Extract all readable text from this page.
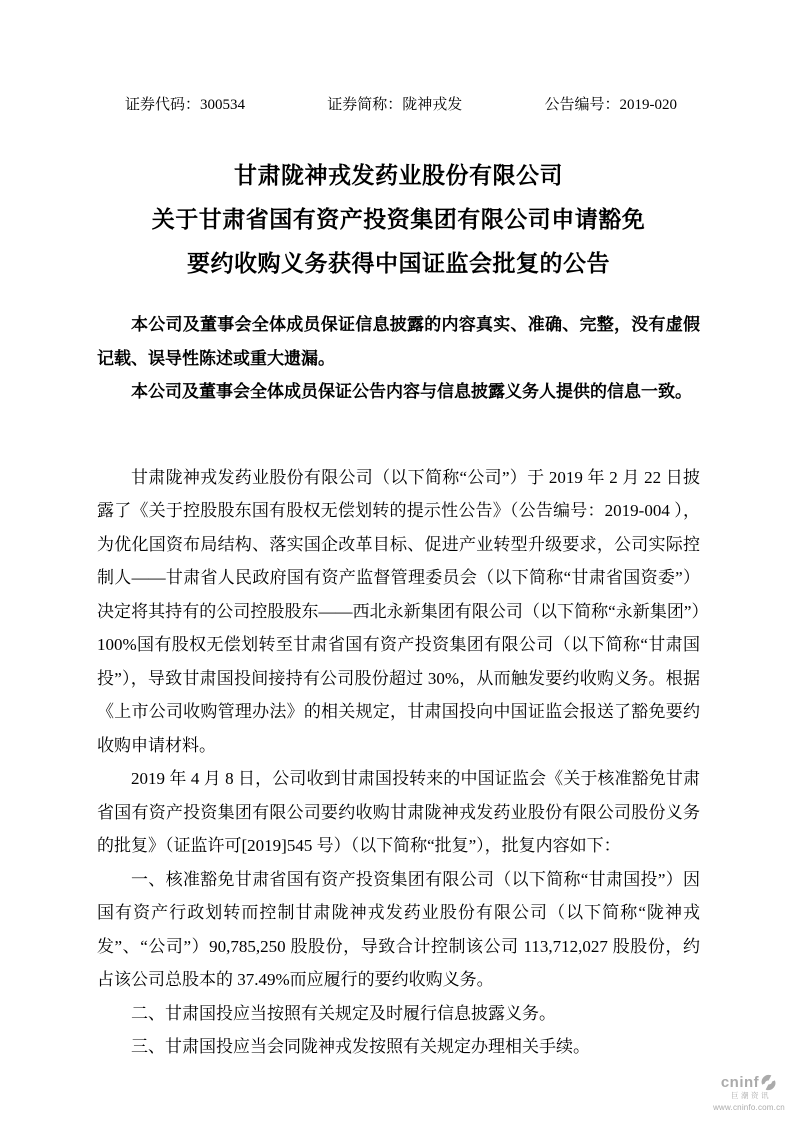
证券代码：300534	证券简称：陇神戎发	公告编号：2019-020
甘肃陇神戎发药业股份有限公司
关于甘肃省国有资产投资集团有限公司申请豁免
要约收购义务获得中国证监会批复的公告

本公司及董事会全体成员保证信息披露的内容真实、准确、完整，没有虚假记载、误导性陈述或重大遗漏。

本公司及董事会全体成员保证公告内容与信息披露义务人提供的信息一致。

甘肃陇神戎发药业股份有限公司（以下简称“公司”）于 2019 年 2 月 22 日披露了《关于控股股东国有股权无偿划转的提示性公告》（公告编号：2019-004 ），为优化国资布局结构、落实国企改革目标、促进产业转型升级要求，公司实际控制人——甘肃省人民政府国有资产监督管理委员会（以下简称“甘肃省国资委”）决定将其持有的公司控股股东——西北永新集团有限公司（以下简称“永新集团”）100%国有股权无偿划转至甘肃省国有资产投资集团有限公司（以下简称“甘肃国投”），导致甘肃国投间接持有公司股份超过 30%，从而触发要约收购义务。根据《上市公司收购管理办法》的相关规定，甘肃国投向中国证监会报送了豁免要约收购申请材料。

2019 年 4 月 8 日，公司收到甘肃国投转来的中国证监会《关于核准豁免甘肃省国有资产投资集团有限公司要约收购甘肃陇神戎发药业股份有限公司股份义务的批复》（证监许可[2019]545 号）（以下简称“批复”），批复内容如下：

一、核准豁免甘肃省国有资产投资集团有限公司（以下简称“甘肃国投”）因国有资产行政划转而控制甘肃陇神戎发药业股份有限公司（以下简称“陇神戎发”、“公司”）90,785,250 股股份，导致合计控制该公司 113,712,027 股股份，约占该公司总股本的 37.49%而应履行的要约收购义务。

二、甘肃国投应当按照有关规定及时履行信息披露义务。

三、甘肃国投应当会同陇神戎发按照有关规定办理相关手续。

cninf
巨潮资讯
www.cninfo.com.cn
